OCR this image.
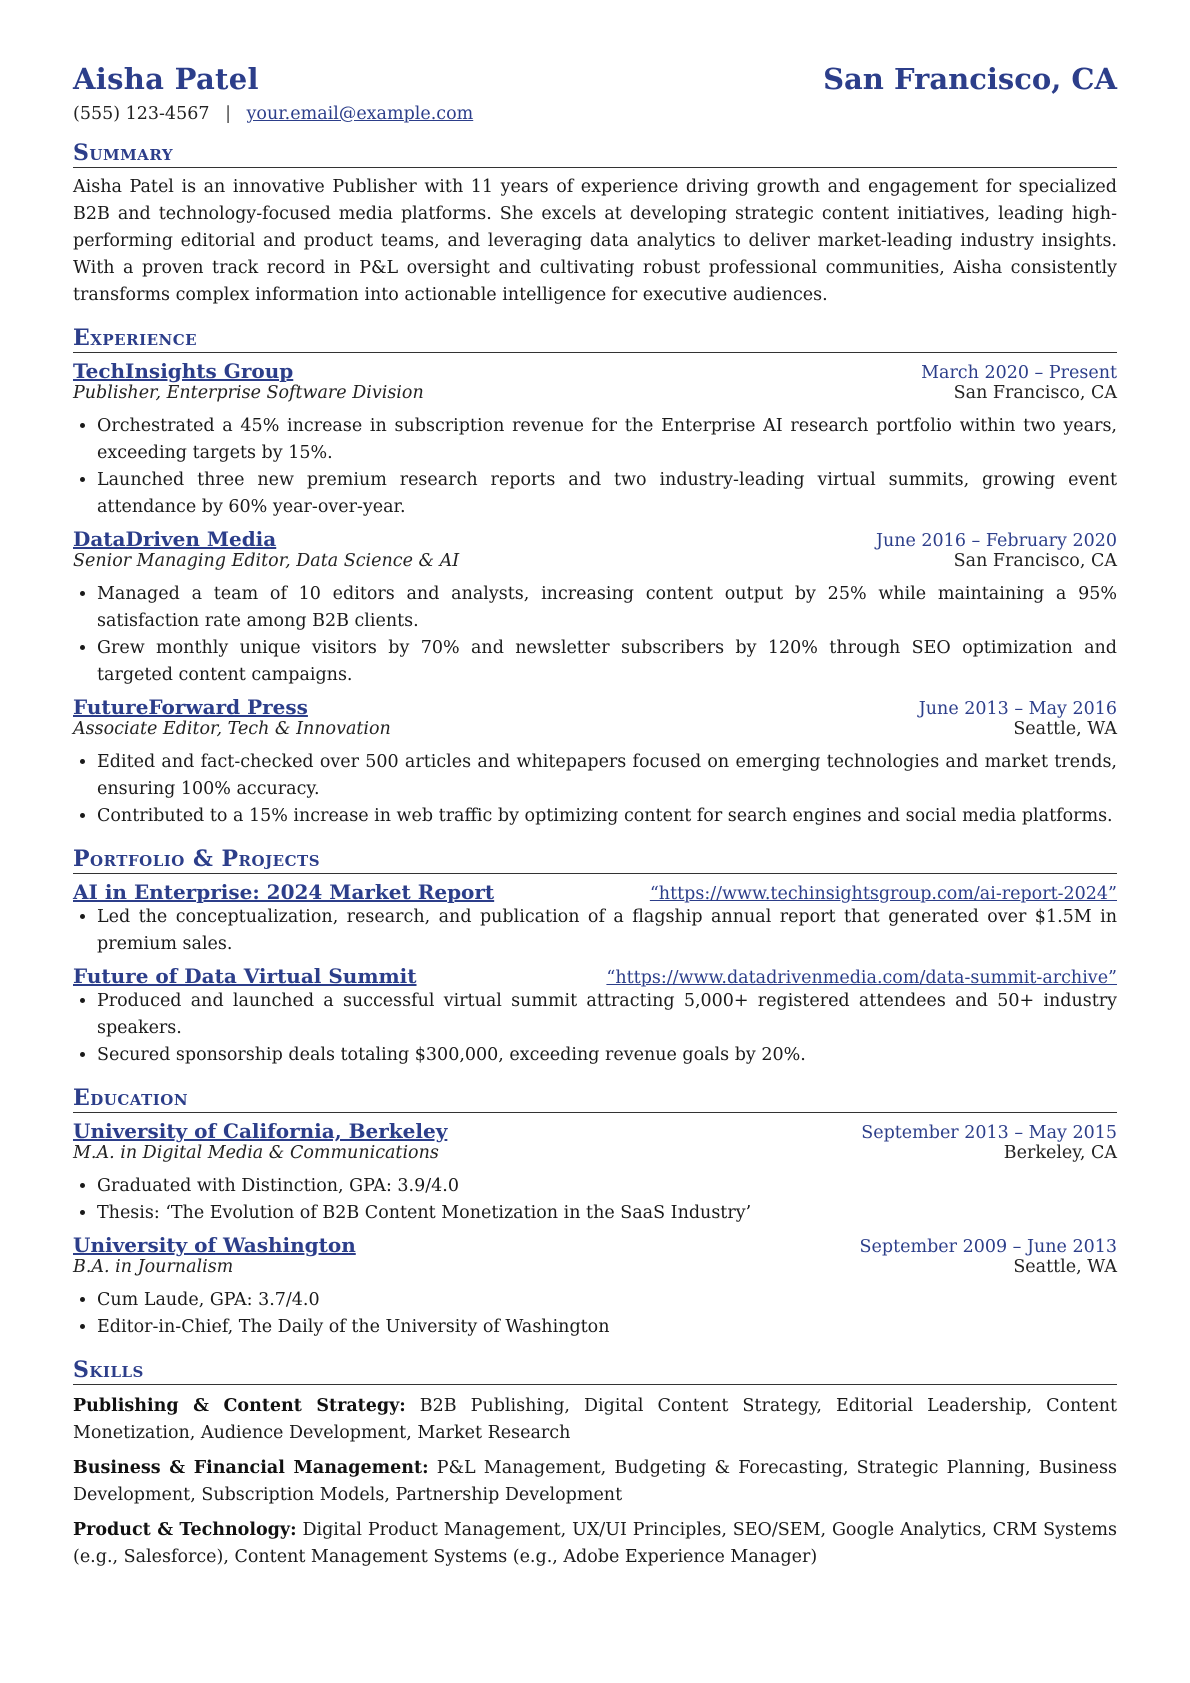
Aisha Patel	San Francisco, CA
(555) 123-4567 | your.email@example.com
Summary
Aisha Patel is an innovative Publisher with 11 years of experience driving growth and engagement for specialized B2B and technology-focused media platforms. She excels at developing strategic content initiatives, leading high-performing editorial and product teams, and leveraging data analytics to deliver market-leading industry insights. With a proven track record in P&L oversight and cultivating robust professional communities, Aisha consistently transforms complex information into actionable intelligence for executive audiences.
Experience
TechInsights Group	March 2020 – Present
Publisher, Enterprise Software Division	San Francisco, CA
• Orchestrated a 45% increase in subscription revenue for the Enterprise AI research portfolio within two years, exceeding targets by 15%.
• Launched three new premium research reports and two industry-leading virtual summits, growing event attendance by 60% year-over-year.
DataDriven Media	June 2016 – February 2020
Senior Managing Editor, Data Science & AI	San Francisco, CA
• Managed a team of 10 editors and analysts, increasing content output by 25% while maintaining a 95% satisfaction rate among B2B clients.
• Grew monthly unique visitors by 70% and newsletter subscribers by 120% through SEO optimization and targeted content campaigns.
FutureForward Press	June 2013 – May 2016
Associate Editor, Tech & Innovation	Seattle, WA
• Edited and fact-checked over 500 articles and whitepapers focused on emerging technologies and market trends, ensuring 100% accuracy.
• Contributed to a 15% increase in web traffic by optimizing content for search engines and social media platforms.
Portfolio & Projects
AI in Enterprise: 2024 Market Report	“https://www.techinsightsgroup.com/ai-report-2024”
• Led the conceptualization, research, and publication of a flagship annual report that generated over $1.5M in premium sales.
Future of Data Virtual Summit	“https://www.datadrivenmedia.com/data-summit-archive”
• Produced and launched a successful virtual summit attracting 5,000+ registered attendees and 50+ industry speakers.
• Secured sponsorship deals totaling $300,000, exceeding revenue goals by 20%.
Education
University of California, Berkeley	September 2013 – May 2015
M.A. in Digital Media & Communications	Berkeley, CA
• Graduated with Distinction, GPA: 3.9/4.0
• Thesis: ‘The Evolution of B2B Content Monetization in the SaaS Industry’
University of Washington	September 2009 – June 2013
B.A. in Journalism	Seattle, WA
• Cum Laude, GPA: 3.7/4.0
• Editor-in-Chief, The Daily of the University of Washington
Skills
Publishing & Content Strategy: B2B Publishing, Digital Content Strategy, Editorial Leadership, Content Monetization, Audience Development, Market Research
Business & Financial Management: P&L Management, Budgeting & Forecasting, Strategic Planning, Business Development, Subscription Models, Partnership Development
Product & Technology: Digital Product Management, UX/UI Principles, SEO/SEM, Google Analytics, CRM Systems (e.g., Salesforce), Content Management Systems (e.g., Adobe Experience Manager)
